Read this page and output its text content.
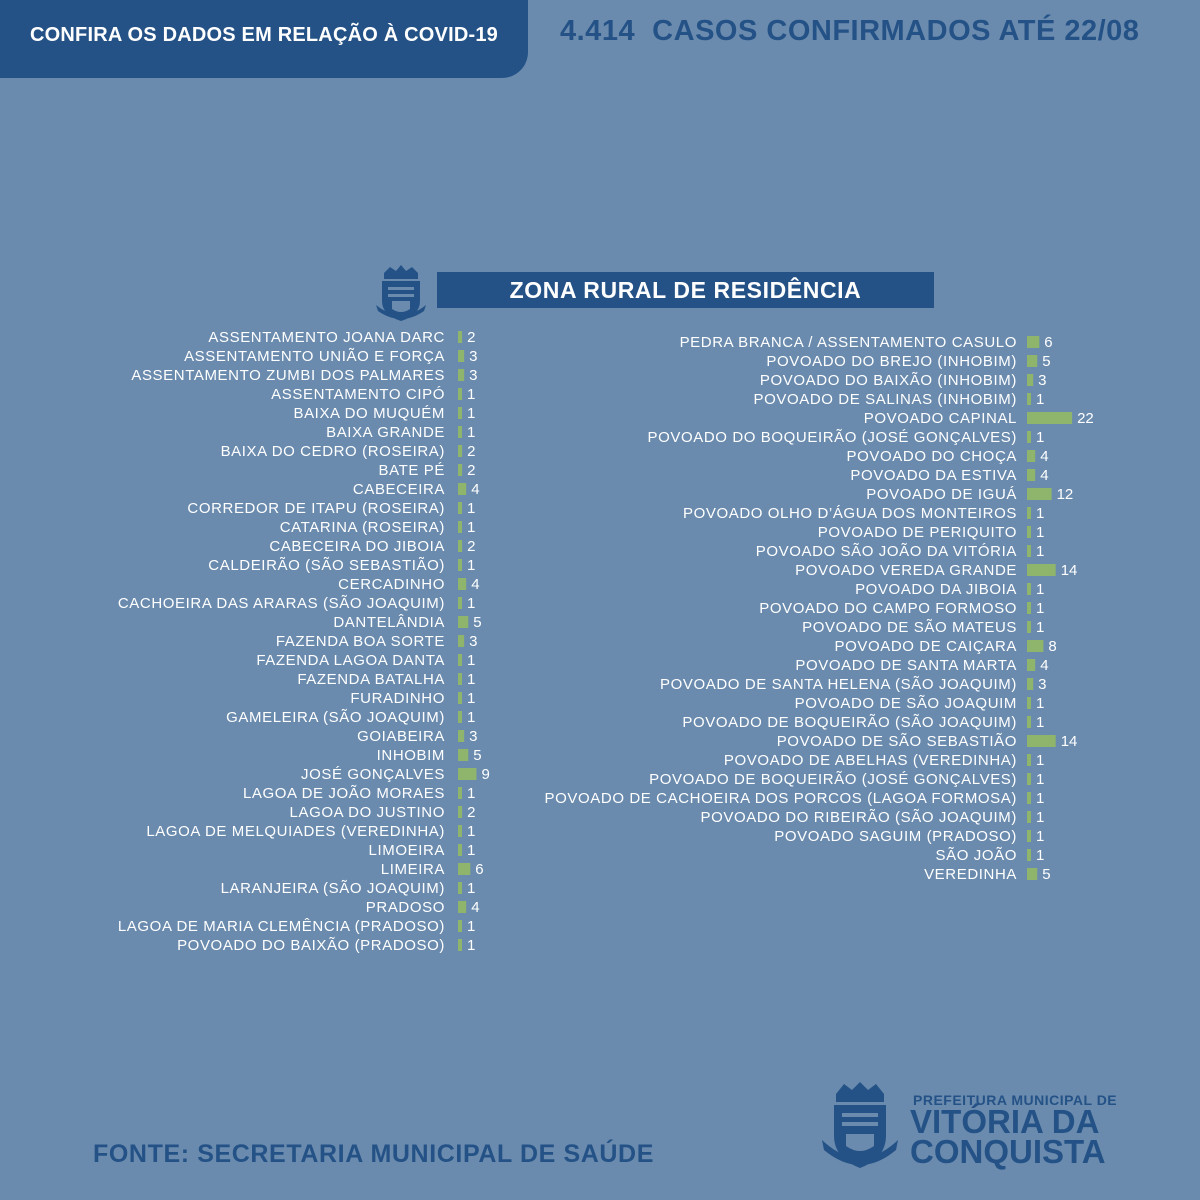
CONFIRA OS DADOS EM RELAÇÃO À COVID-19 4.414  CASOS CONFIRMADOS ATÉ 22/08
ZONA RURAL DE RESIDÊNCIA
ASSENTAMENTO JOANA DARC 2
ASSENTAMENTO UNIÃO E FORÇA 3
ASSENTAMENTO ZUMBI DOS PALMARES 3
ASSENTAMENTO CIPÓ 1
BAIXA DO MUQUÉM 1
BAIXA GRANDE 1
BAIXA DO CEDRO (ROSEIRA) 2
BATE PÉ 2
CABECEIRA 4
CORREDOR DE ITAPU (ROSEIRA) 1
CATARINA (ROSEIRA) 1
CABECEIRA DO JIBOIA 2
CALDEIRÃO (SÃO SEBASTIÃO) 1
CERCADINHO 4
CACHOEIRA DAS ARARAS (SÃO JOAQUIM) 1
DANTELÂNDIA 5
FAZENDA BOA SORTE 3
FAZENDA LAGOA DANTA 1
FAZENDA BATALHA 1
FURADINHO 1
GAMELEIRA (SÃO JOAQUIM) 1
GOIABEIRA 3
INHOBIM 5
JOSÉ GONÇALVES 9
LAGOA DE JOÃO MORAES 1
LAGOA DO JUSTINO 2
LAGOA DE MELQUIADES (VEREDINHA) 1
LIMOEIRA 1
LIMEIRA 6
LARANJEIRA (SÃO JOAQUIM) 1
PRADOSO 4
LAGOA DE MARIA CLEMÊNCIA (PRADOSO) 1
POVOADO DO BAIXÃO (PRADOSO) 1
PEDRA BRANCA / ASSENTAMENTO CASULO 6
POVOADO DO BREJO (INHOBIM) 5
POVOADO DO BAIXÃO (INHOBIM) 3
POVOADO DE SALINAS (INHOBIM) 1
POVOADO CAPINAL	22
POVOADO DO BOQUEIRÃO (JOSÉ GONÇALVES) 1
POVOADO DO CHOÇA 4
POVOADO DA ESTIVA 4
POVOADO DE IGUÁ	12
POVOADO OLHO D’ÁGUA DOS MONTEIROS 1
POVOADO DE PERIQUITO 1
POVOADO SÃO JOÃO DA VITÓRIA 1
POVOADO VEREDA GRANDE	14
POVOADO DA JIBOIA 1
POVOADO DO CAMPO FORMOSO 1
POVOADO DE SÃO MATEUS 1
POVOADO DE CAIÇARA 8
POVOADO DE SANTA MARTA 4
POVOADO DE SANTA HELENA (SÃO JOAQUIM) 3
POVOADO DE SÃO JOAQUIM 1
POVOADO DE BOQUEIRÃO (SÃO JOAQUIM) 1
POVOADO DE SÃO SEBASTIÃO	14
POVOADO DE ABELHAS (VEREDINHA) 1
POVOADO DE BOQUEIRÃO (JOSÉ GONÇALVES) 1
POVOADO DE CACHOEIRA DOS PORCOS (LAGOA FORMOSA) 1
POVOADO DO RIBEIRÃO (SÃO JOAQUIM) 1
POVOADO SAGUIM (PRADOSO) 1
SÃO JOÃO 1
VEREDINHA 5
FONTE: SECRETARIA MUNICIPAL DE SAÚDE
PREFEITURA MUNICIPAL DE
VITÓRIA DA
CONQUISTA
